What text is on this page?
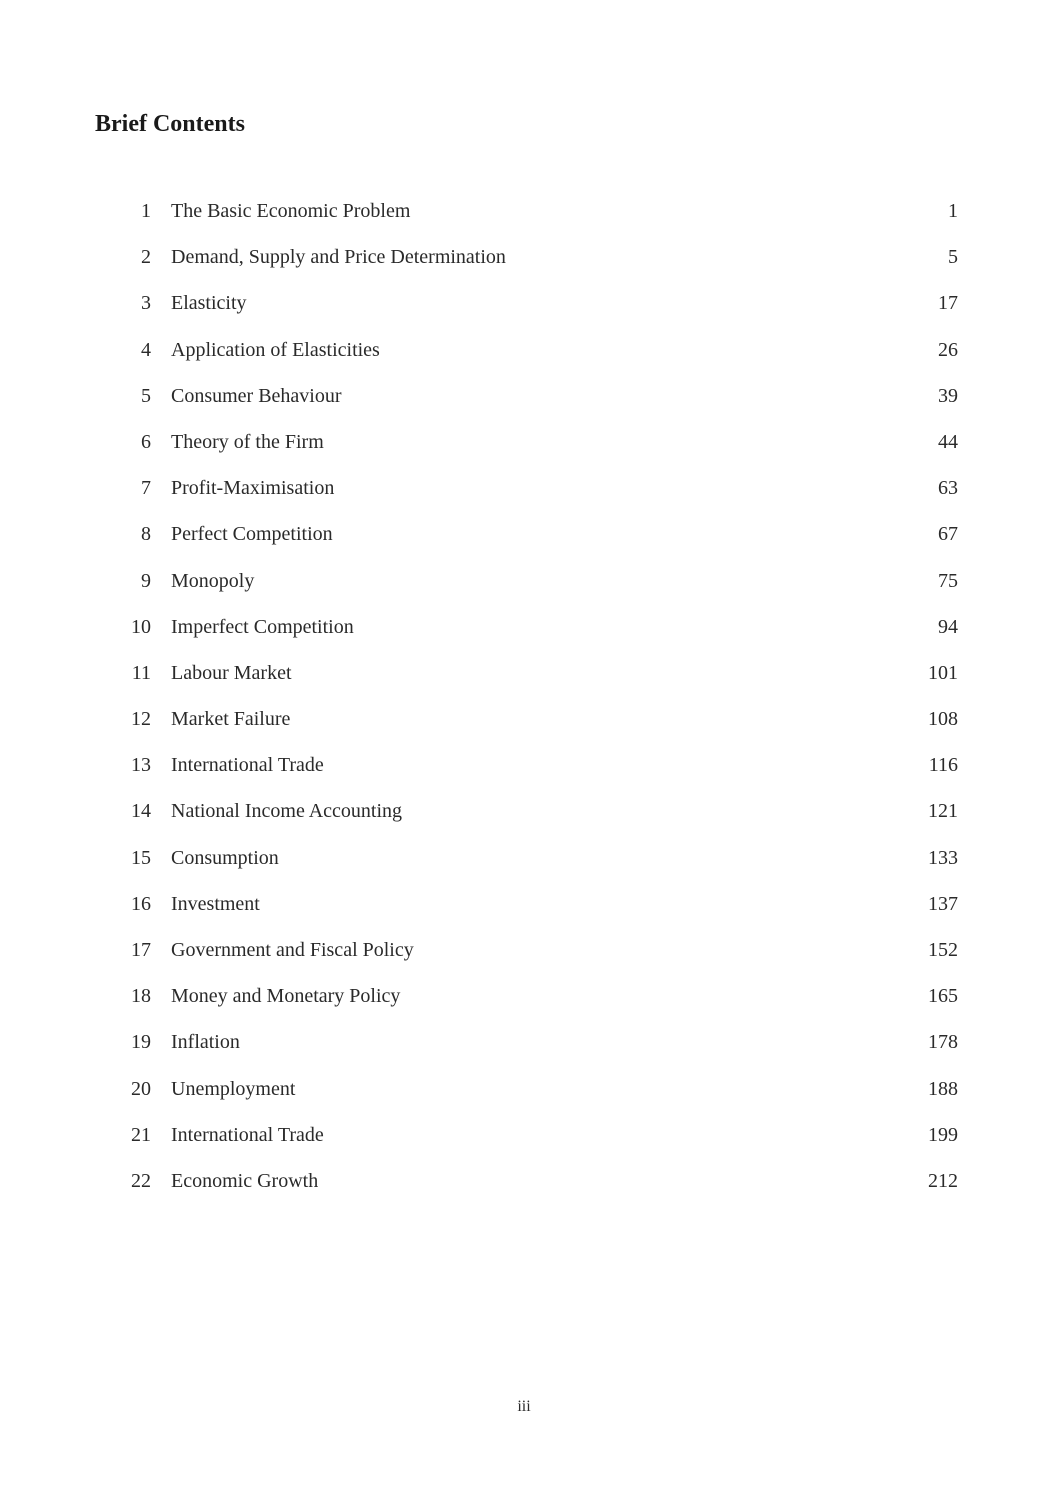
Brief Contents
1 The Basic Economic Problem	1
2 Demand, Supply and Price Determination	5
3 Elasticity	17
4 Application of Elasticities	26
5 Consumer Behaviour	39
6 Theory of the Firm	44
7 Profit-Maximisation	63
8 Perfect Competition	67
9 Monopoly	75
10 Imperfect Competition	94
11 Labour Market	101
12 Market Failure	108
13 International Trade	116
14 National Income Accounting	121
15 Consumption	133
16 Investment	137
17 Government and Fiscal Policy	152
18 Money and Monetary Policy	165
19 Inflation	178
20 Unemployment	188
21 International Trade	199
22 Economic Growth	212
iii
